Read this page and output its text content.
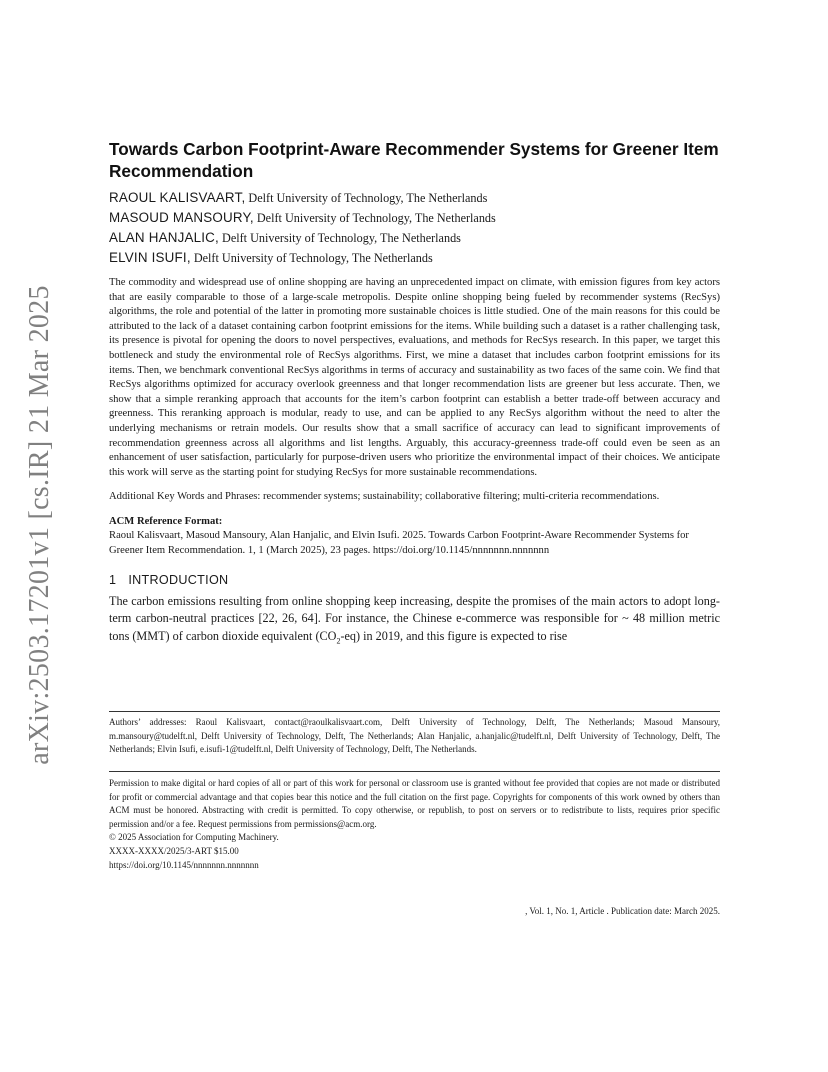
arXiv:2503.17201v1 [cs.IR] 21 Mar 2025
Towards Carbon Footprint-Aware Recommender Systems for Greener Item Recommendation
RAOUL KALISVAART, Delft University of Technology, The Netherlands
MASOUD MANSOURY, Delft University of Technology, The Netherlands
ALAN HANJALIC, Delft University of Technology, The Netherlands
ELVIN ISUFI, Delft University of Technology, The Netherlands

The commodity and widespread use of online shopping are having an unprecedented impact on climate, with emission figures from key actors that are easily comparable to those of a large-scale metropolis. Despite online shopping being fueled by recommender systems (RecSys) algorithms, the role and potential of the latter in promoting more sustainable choices is little studied. One of the main reasons for this could be attributed to the lack of a dataset containing carbon footprint emissions for the items. While building such a dataset is a rather challenging task, its presence is pivotal for opening the doors to novel perspectives, evaluations, and methods for RecSys research. In this paper, we target this bottleneck and study the environmental role of RecSys algorithms. First, we mine a dataset that includes carbon footprint emissions for its items. Then, we benchmark conventional RecSys algorithms in terms of accuracy and sustainability as two faces of the same coin. We find that RecSys algorithms optimized for accuracy overlook greenness and that longer recommendation lists are greener but less accurate. Then, we show that a simple reranking approach that accounts for the item’s carbon footprint can establish a better trade-off between accuracy and greenness. This reranking approach is modular, ready to use, and can be applied to any RecSys algorithm without the need to alter the underlying mechanisms or retrain models. Our results show that a small sacrifice of accuracy can lead to significant improvements of recommendation greenness across all algorithms and list lengths. Arguably, this accuracy-greenness trade-off could even be seen as an enhancement of user satisfaction, particularly for purpose-driven users who prioritize the environmental impact of their choices. We anticipate this work will serve as the starting point for studying RecSys for more sustainable recommendations.

Additional Key Words and Phrases: recommender systems; sustainability; collaborative filtering; multi-criteria recommendations.

ACM Reference Format:

Raoul Kalisvaart, Masoud Mansoury, Alan Hanjalic, and Elvin Isufi. 2025. Towards Carbon Footprint-Aware Recommender Systems for Greener Item Recommendation. 1, 1 (March 2025), 23 pages. https://doi.org/10.1145/nnnnnnn.nnnnnnn

1 INTRODUCTION

The carbon emissions resulting from online shopping keep increasing, despite the promises of the main actors to adopt long-term carbon-neutral practices [22, 26, 64]. For instance, the Chinese e-commerce was responsible for ~ 48 million metric tons (MMT) of carbon dioxide equivalent $(CO_2-eq)$ in 2019, and this figure is expected to rise

Authors’ addresses: Raoul Kalisvaart, contact@raoulkalisvaart.com, Delft University of Technology, Delft, The Netherlands; Masoud Mansoury, m.mansoury@tudelft.nl, Delft University of Technology, Delft, The Netherlands; Alan Hanjalic, a.hanjalic@tudelft.nl, Delft University of Technology, Delft, The Netherlands; Elvin Isufi, e.isufi-1@tudelft.nl, Delft University of Technology, Delft, The Netherlands.

Permission to make digital or hard copies of all or part of this work for personal or classroom use is granted without fee provided that copies are not made or distributed for profit or commercial advantage and that copies bear this notice and the full citation on the first page. Copyrights for components of this work owned by others than ACM must be honored. Abstracting with credit is permitted. To copy otherwise, or republish, to post on servers or to redistribute to lists, requires prior specific permission and/or a fee. Request permissions from permissions@acm.org.

© 2025 Association for Computing Machinery.

XXXX-XXXX/2025/3-ART $15.00

https://doi.org/10.1145/nnnnnnn.nnnnnnn

, Vol. 1, No. 1, Article . Publication date: March 2025.
